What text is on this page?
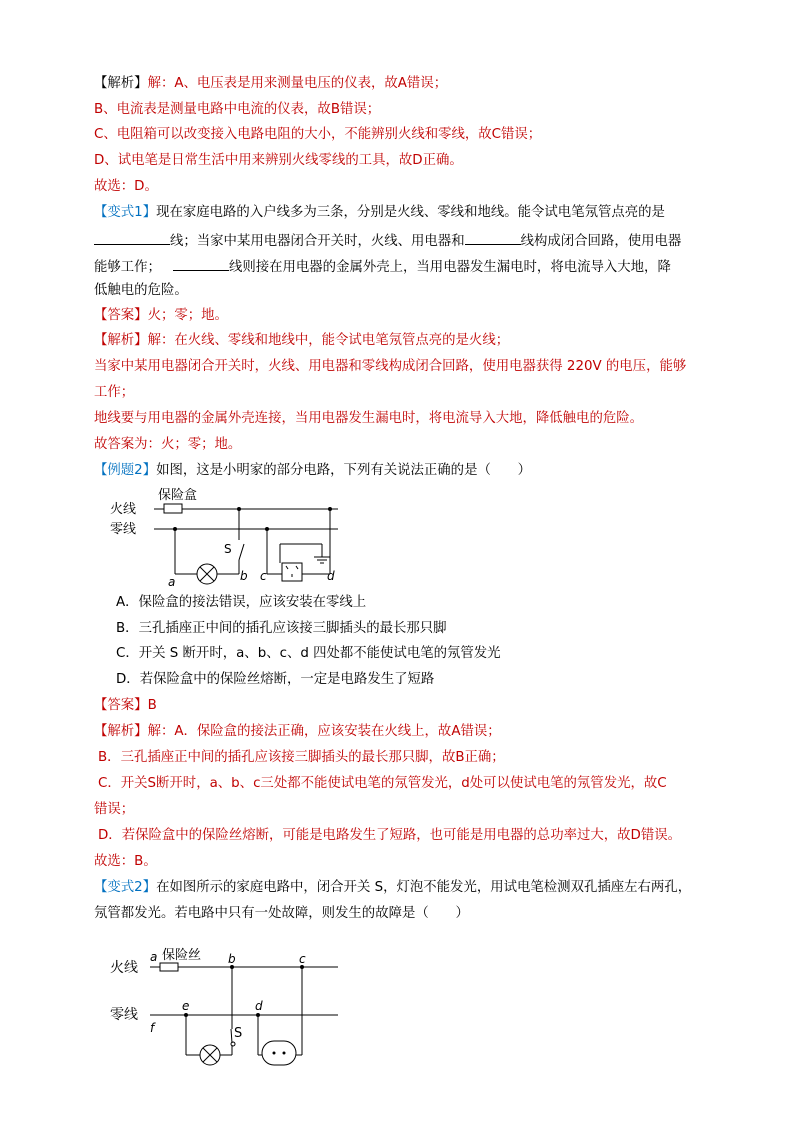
【解析】解：A、电压表是用来测量电压的仪表，故A错误；
B、电流表是测量电路中电流的仪表，故B错误；
C、电阻箱可以改变接入电路电阻的大小，不能辨别火线和零线，故C错误；
D、试电笔是日常生活中用来辨别火线零线的工具，故D正确。
故选：D。
【变式1】现在家庭电路的入户线多为三条，分别是火线、零线和地线。能令试电笔氖管点亮的是
线；当家中某用电器闭合开关时，火线、用电器和	线构成闭合回路，使用电器
能够工作；	线则接在用电器的金属外壳上，当用电器发生漏电时，将电流导入大地，降
低触电的危险。
【答案】火；零；地。
【解析】解：在火线、零线和地线中，能令试电笔氖管点亮的是火线；
当家中某用电器闭合开关时，火线、用电器和零线构成闭合回路，使用电器获得 220V 的电压，能够
工作；
地线要与用电器的金属外壳连接，当用电器发生漏电时，将电流导入大地，降低触电的危险。
故答案为：火；零；地。
【例题2】如图，这是小明家的部分电路，下列有关说法正确的是（　　）
火线
零线
保险盒
S
a	b c	d
A．保险盒的接法错误，应该安装在零线上
B．三孔插座正中间的插孔应该接三脚插头的最长那只脚
C．开关 S 断开时，a、b、c、d 四处都不能使试电笔的氖管发光
D．若保险盒中的保险丝熔断，一定是电路发生了短路
【答案】B
【解析】解：A．保险盒的接法正确，应该安装在火线上，故A错误；
B．三孔插座正中间的插孔应该接三脚插头的最长那只脚，故B正确；
C．开关S断开时，a、b、c三处都不能使试电笔的氖管发光，d处可以使试电笔的氖管发光，故C
错误；
D．若保险盒中的保险丝熔断，可能是电路发生了短路，也可能是用电器的总功率过大，故D错误。
故选：B。
【变式2】在如图所示的家庭电路中，闭合开关 S，灯泡不能发光，用试电笔检测双孔插座左右两孔，
氖管都发光。若电路中只有一处故障，则发生的故障是（　　）
火线
零线
保险丝
S
a	b	c
d
e
f
